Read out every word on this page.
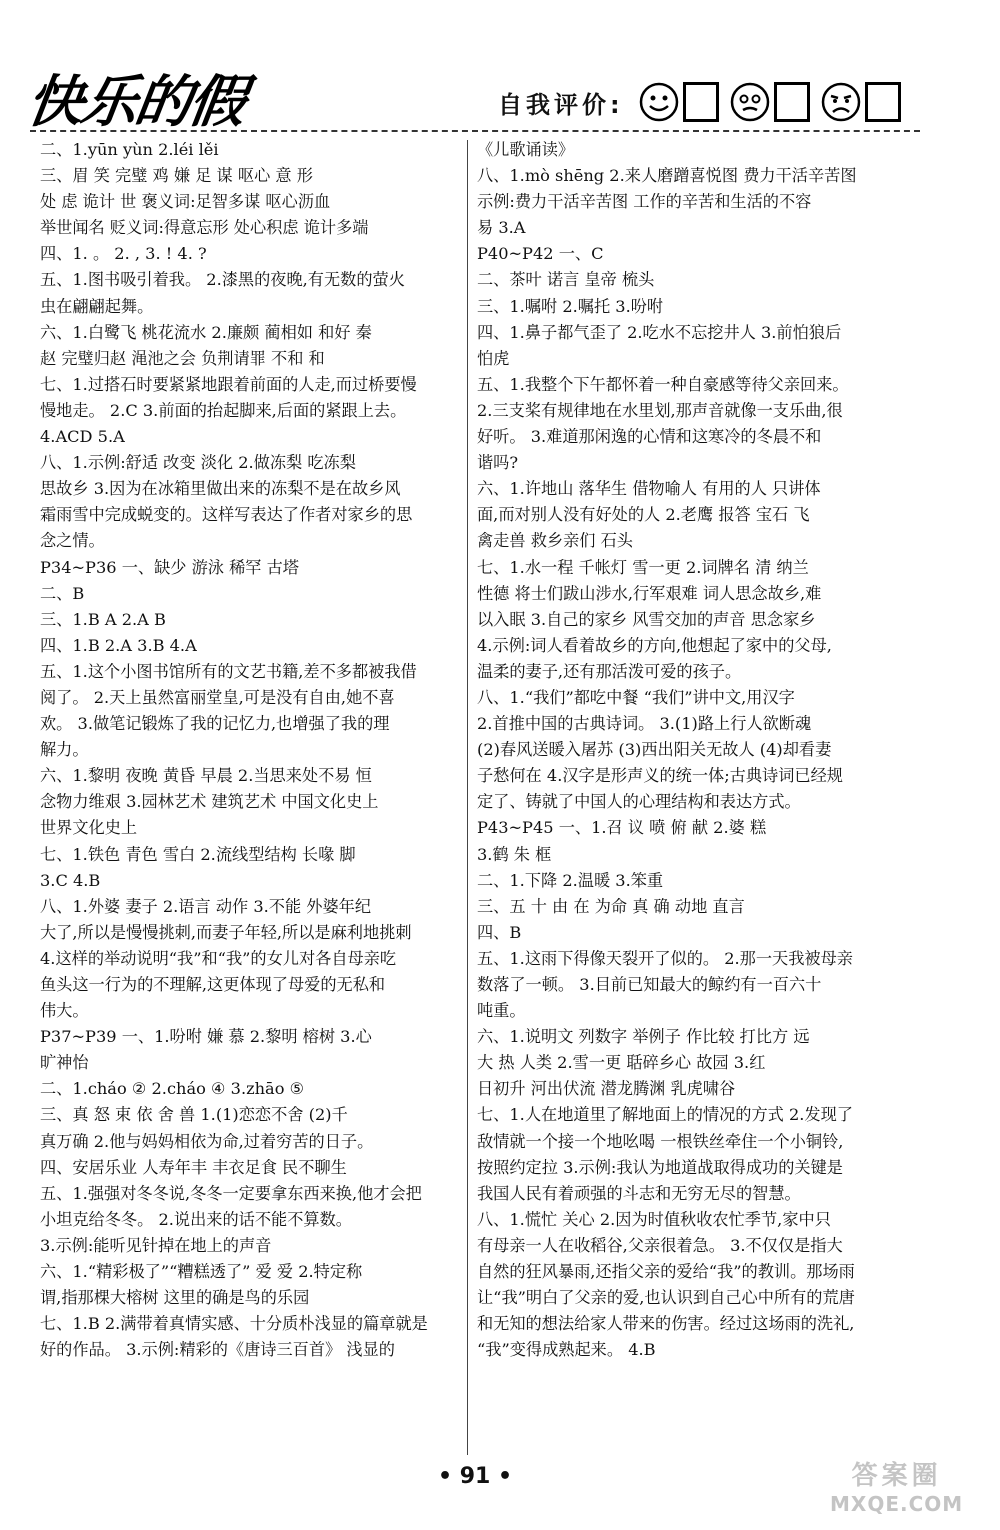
快乐的假	自我评价:
二、1.yūn yùn 2.léi lěi
三、眉 笑 完璧 鸡 嫌 足 谋 呕心 意 形
处 虑 诡计 世 褒义词:足智多谋 呕心沥血
举世闻名 贬义词:得意忘形 处心积虑 诡计多端
四、1. 。 2. , 3. ! 4. ?
五、1.图书吸引着我。 2.漆黑的夜晚,有无数的萤火
虫在翩翩起舞。
六、1.白鹭飞 桃花流水 2.廉颇 蔺相如 和好 秦
赵 完璧归赵 渑池之会 负荆请罪 不和 和
七、1.过搭石时要紧紧地跟着前面的人走,而过桥要慢
慢地走。 2.C 3.前面的抬起脚来,后面的紧跟上去。
4.ACD 5.A
八、1.示例:舒适 改变 淡化 2.做冻梨 吃冻梨
思故乡 3.因为在冰箱里做出来的冻梨不是在故乡风
霜雨雪中完成蜕变的。这样写表达了作者对家乡的思
念之情。
P34~P36 一、缺少 游泳 稀罕 古塔
二、B
三、1.B A 2.A B
四、1.B 2.A 3.B 4.A
五、1.这个小图书馆所有的文艺书籍,差不多都被我借
阅了。 2.天上虽然富丽堂皇,可是没有自由,她不喜
欢。 3.做笔记锻炼了我的记忆力,也增强了我的理
解力。
六、1.黎明 夜晚 黄昏 早晨 2.当思来处不易 恒
念物力维艰 3.园林艺术 建筑艺术 中国文化史上
世界文化史上
七、1.铁色 青色 雪白 2.流线型结构 长喙 脚
3.C 4.B
八、1.外婆 妻子 2.语言 动作 3.不能 外婆年纪
大了,所以是慢慢挑刺,而妻子年轻,所以是麻利地挑刺
4.这样的举动说明“我”和“我”的女儿对各自母亲吃
鱼头这一行为的不理解,这更体现了母爱的无私和
伟大。
P37~P39 一、1.吩咐 嫌 慕 2.黎明 榕树 3.心
旷神怡
二、1.cháo ② 2.cháo ④ 3.zhāo ⑤
三、真 怒 束 依 舍 兽 1.(1)恋恋不舍 (2)千
真万确 2.他与妈妈相依为命,过着穷苦的日子。
四、安居乐业 人寿年丰 丰衣足食 民不聊生
五、1.强强对冬冬说,冬冬一定要拿东西来换,他才会把
小坦克给冬冬。 2.说出来的话不能不算数。
3.示例:能听见针掉在地上的声音
六、1.“精彩极了”“糟糕透了” 爱 爱 2.特定称
谓,指那棵大榕树 这里的确是鸟的乐园
七、1.B 2.满带着真情实感、十分质朴浅显的篇章就是
好的作品。 3.示例:精彩的《唐诗三百首》 浅显的
《儿歌诵读》
八、1.mò shēng 2.来人磨蹭喜悦图 费力干活辛苦图
示例:费力干活辛苦图 工作的辛苦和生活的不容
易 3.A
P40~P42 一、C
二、茶叶 诺言 皇帝 梳头
三、1.嘱咐 2.嘱托 3.吩咐
四、1.鼻子都气歪了 2.吃水不忘挖井人 3.前怕狼后
怕虎
五、1.我整个下午都怀着一种自豪感等待父亲回来。
2.三支桨有规律地在水里划,那声音就像一支乐曲,很
好听。 3.难道那闲逸的心情和这寒冷的冬晨不和
谐吗?
六、1.许地山 落华生 借物喻人 有用的人 只讲体
面,而对别人没有好处的人 2.老鹰 报答 宝石 飞
禽走兽 救乡亲们 石头
七、1.水一程 千帐灯 雪一更 2.词牌名 清 纳兰
性德 将士们跋山涉水,行军艰难 词人思念故乡,难
以入眠 3.自己的家乡 风雪交加的声音 思念家乡
4.示例:词人看着故乡的方向,他想起了家中的父母,
温柔的妻子,还有那活泼可爱的孩子。
八、1.“我们”都吃中餐 “我们”讲中文,用汉字
2.首推中国的古典诗词。 3.(1)路上行人欲断魂
(2)春风送暖入屠苏 (3)西出阳关无故人 (4)却看妻
子愁何在 4.汉字是形声义的统一体;古典诗词已经规
定了、铸就了中国人的心理结构和表达方式。
P43~P45 一、1.召 议 喷 俯 献 2.婆 糕
3.鹤 朱 框
二、1.下降 2.温暖 3.笨重
三、五 十 由 在 为命 真 确 动地 直言
四、B
五、1.这雨下得像天裂开了似的。 2.那一天我被母亲
数落了一顿。 3.目前已知最大的鲸约有一百六十
吨重。
六、1.说明文 列数字 举例子 作比较 打比方 远
大 热 人类 2.雪一更 聒碎乡心 故园 3.红
日初升 河出伏流 潜龙腾渊 乳虎啸谷
七、1.人在地道里了解地面上的情况的方式 2.发现了
敌情就一个接一个地吆喝 一根铁丝牵住一个小铜铃,
按照约定拉 3.示例:我认为地道战取得成功的关键是
我国人民有着顽强的斗志和无穷无尽的智慧。
八、1.慌忙 关心 2.因为时值秋收农忙季节,家中只
有母亲一人在收稻谷,父亲很着急。 3.不仅仅是指大
自然的狂风暴雨,还指父亲的爱给“我”的教训。那场雨
让“我”明白了父亲的爱,也认识到自己心中所有的荒唐
和无知的想法给家人带来的伤害。经过这场雨的洗礼,
“我”变得成熟起来。 4.B
• 91 •	答案圈
MXQE.COM
